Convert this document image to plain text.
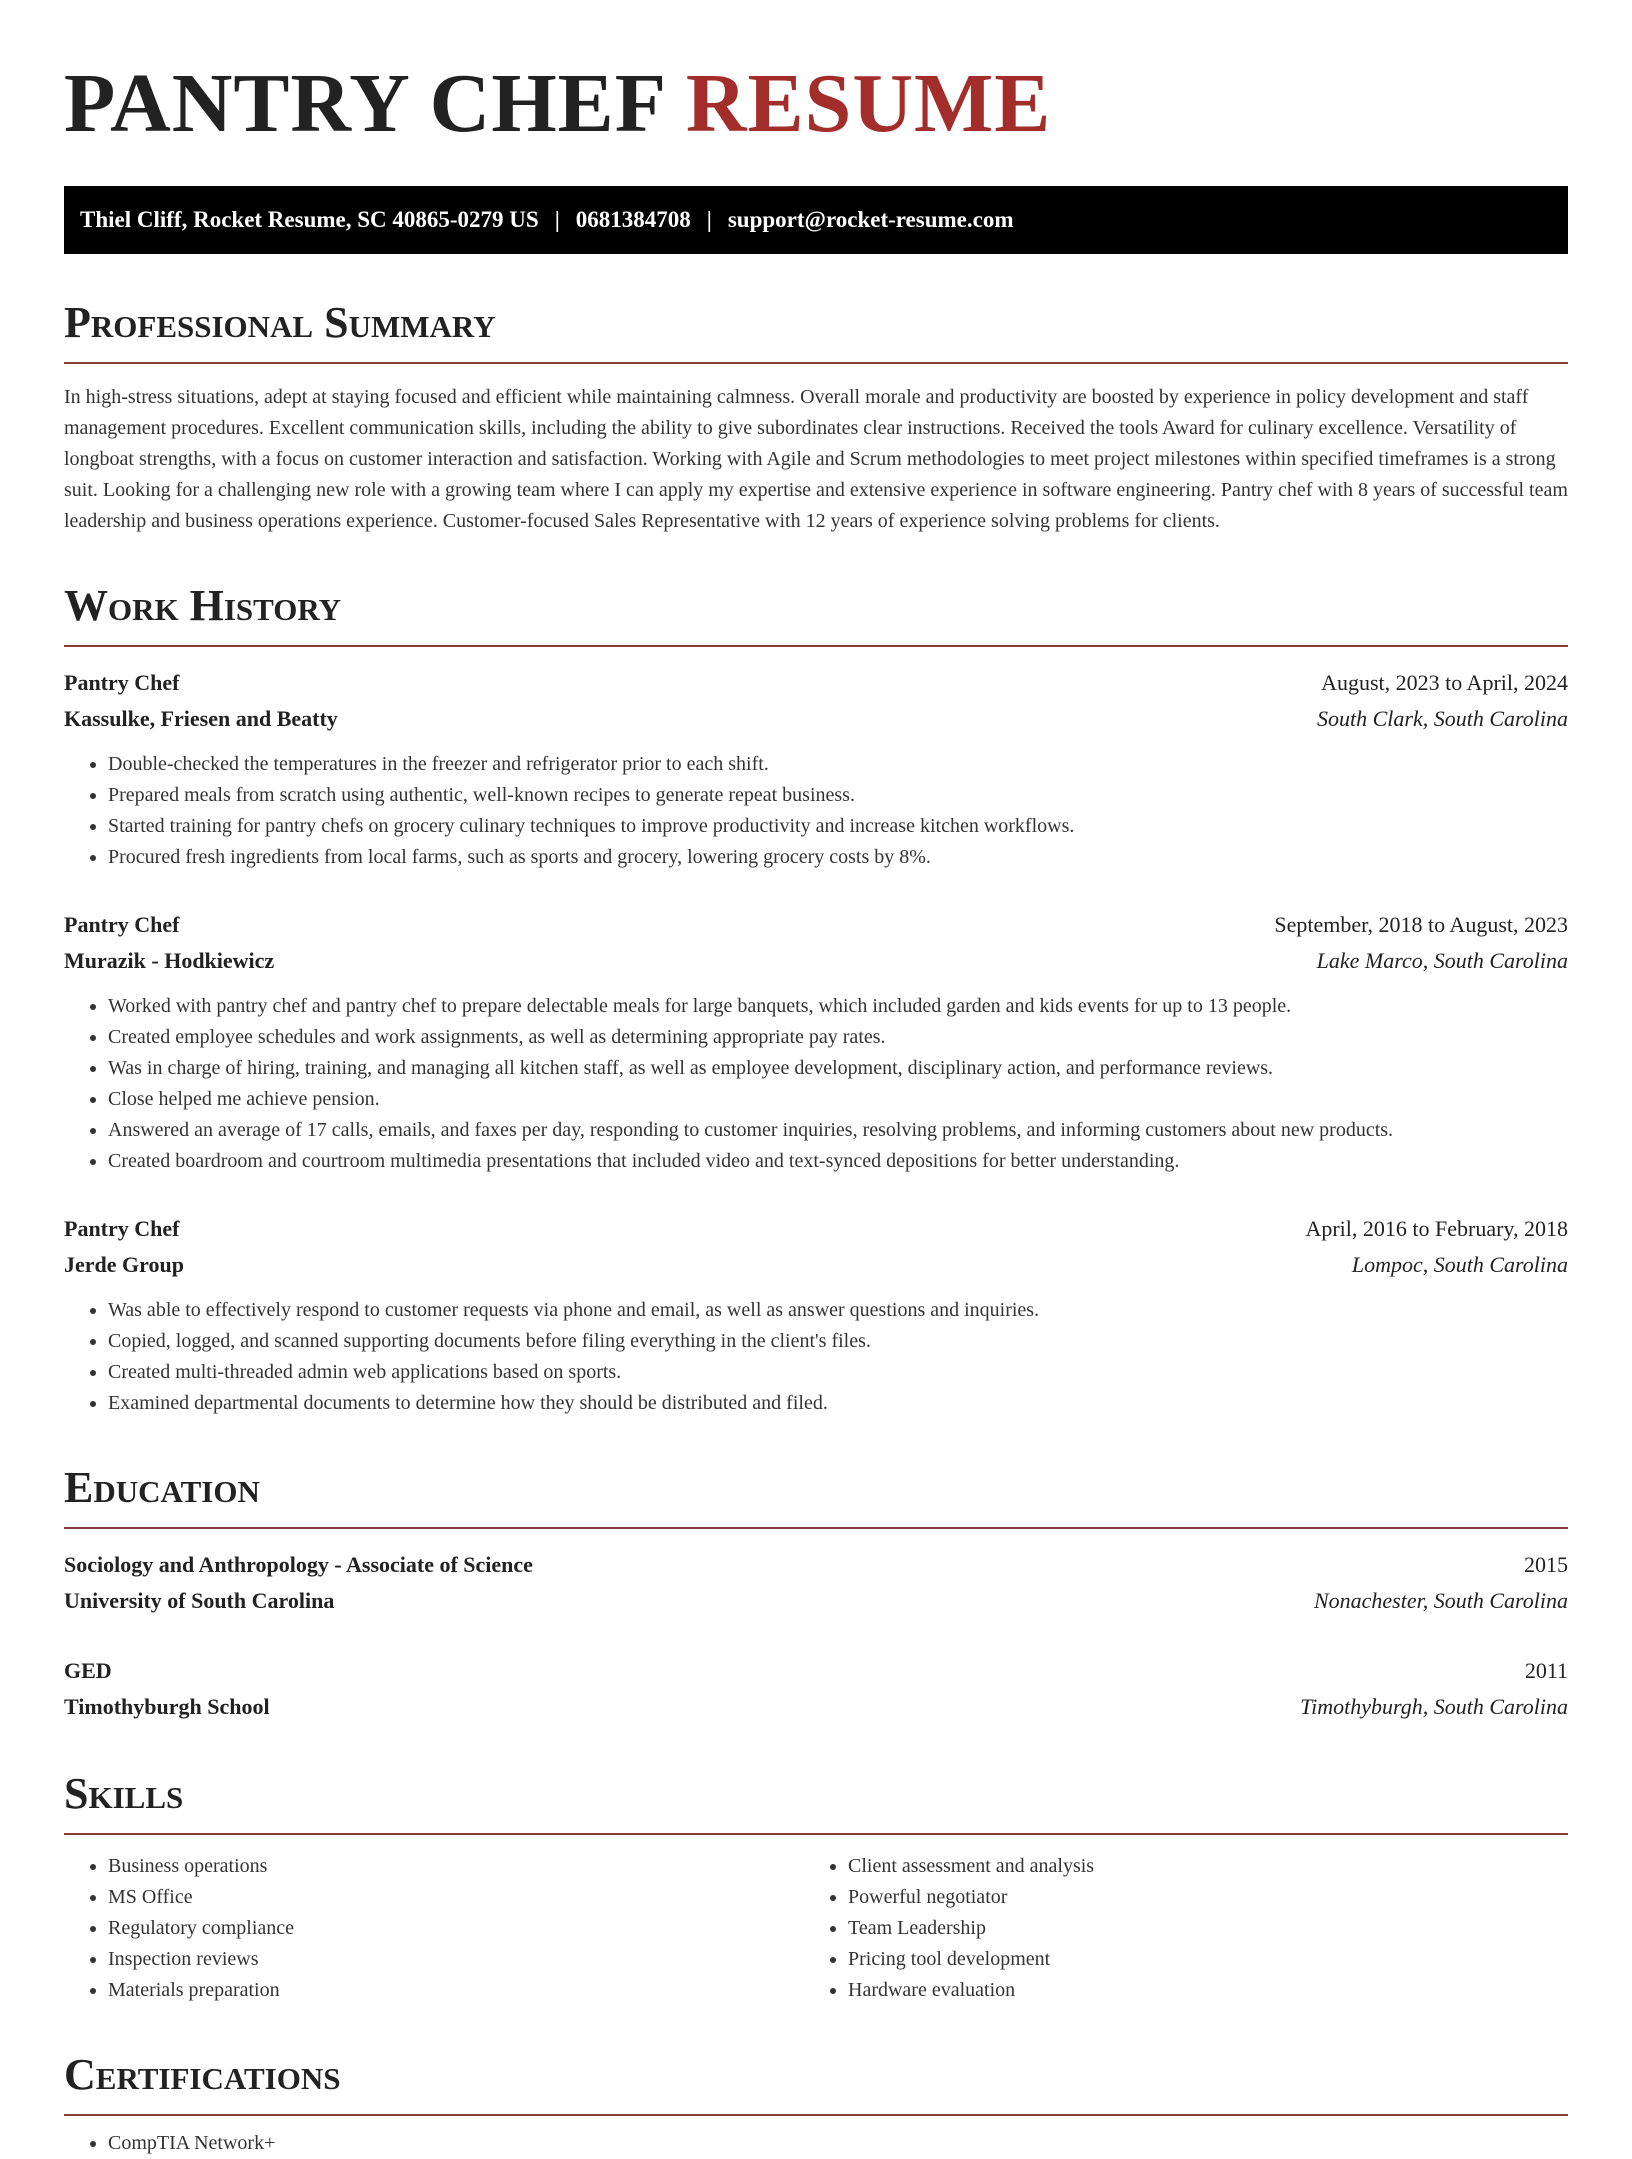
PANTRY CHEF RESUME
Thiel Cliff, Rocket Resume, SC 40865-0279 US | 0681384708 | support@rocket-resume.com
Professional Summary

In high-stress situations, adept at staying focused and efficient while maintaining calmness. Overall morale and productivity are boosted by experience in policy development and staff management procedures. Excellent communication skills, including the ability to give subordinates clear instructions. Received the tools Award for culinary excellence. Versatility of longboat strengths, with a focus on customer interaction and satisfaction. Working with Agile and Scrum methodologies to meet project milestones within specified timeframes is a strong suit. Looking for a challenging new role with a growing team where I can apply my expertise and extensive experience in software engineering. Pantry chef with 8 years of successful team leadership and business operations experience. Customer-focused Sales Representative with 12 years of experience solving problems for clients.

Work History
Pantry Chef	August, 2023 to April, 2024
Kassulke, Friesen and Beatty	South Clark, South Carolina
• Double-checked the temperatures in the freezer and refrigerator prior to each shift.
• Prepared meals from scratch using authentic, well-known recipes to generate repeat business.
• Started training for pantry chefs on grocery culinary techniques to improve productivity and increase kitchen workflows.
• Procured fresh ingredients from local farms, such as sports and grocery, lowering grocery costs by 8%.
Pantry Chef	September, 2018 to August, 2023
Murazik - Hodkiewicz	Lake Marco, South Carolina
• Worked with pantry chef and pantry chef to prepare delectable meals for large banquets, which included garden and kids events for up to 13 people.
• Created employee schedules and work assignments, as well as determining appropriate pay rates.
• Was in charge of hiring, training, and managing all kitchen staff, as well as employee development, disciplinary action, and performance reviews.
• Close helped me achieve pension.
• Answered an average of 17 calls, emails, and faxes per day, responding to customer inquiries, resolving problems, and informing customers about new products.
• Created boardroom and courtroom multimedia presentations that included video and text-synced depositions for better understanding.
Pantry Chef	April, 2016 to February, 2018
Jerde Group	Lompoc, South Carolina
• Was able to effectively respond to customer requests via phone and email, as well as answer questions and inquiries.
• Copied, logged, and scanned supporting documents before filing everything in the client's files.
• Created multi-threaded admin web applications based on sports.
• Examined departmental documents to determine how they should be distributed and filed.
Education
Sociology and Anthropology - Associate of Science	2015
University of South Carolina	Nonachester, South Carolina
GED	2011
Timothyburgh School	Timothyburgh, South Carolina
Skills
• Business operations
• MS Office
• Regulatory compliance
• Inspection reviews
• Materials preparation
• Client assessment and analysis
• Powerful negotiator
• Team Leadership
• Pricing tool development
• Hardware evaluation
Certifications
• CompTIA Network+
